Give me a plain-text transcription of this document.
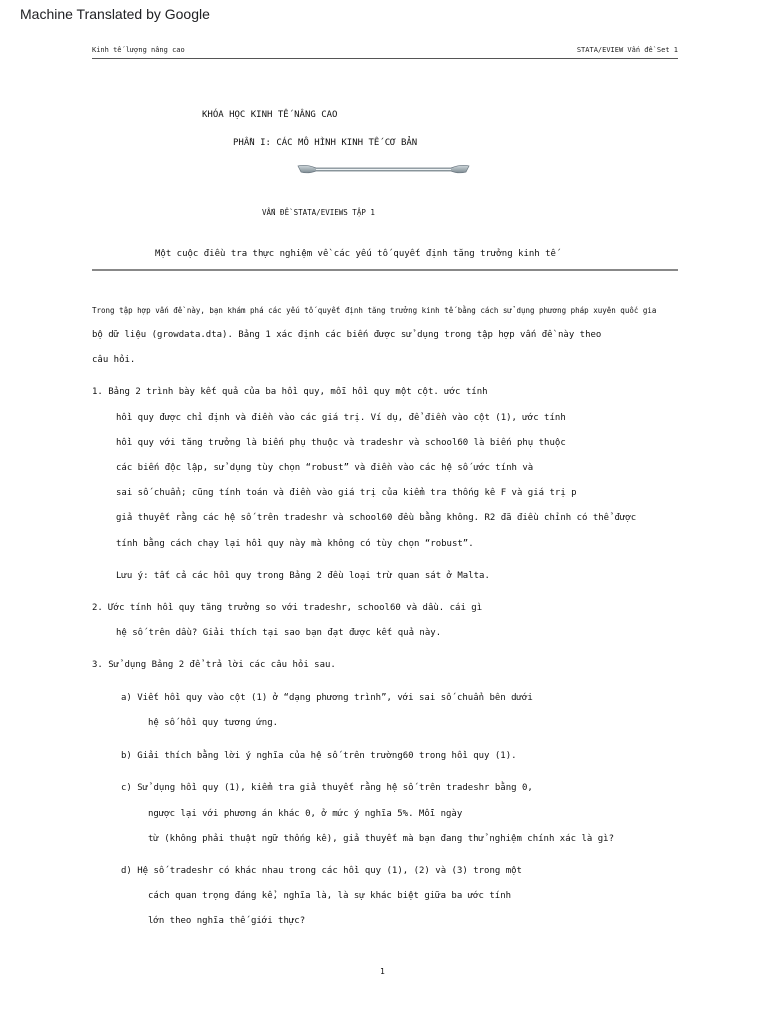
Machine Translated by Google
Kinh tế lượng nâng cao	STATA/EVIEW Vấn đề Set 1
KHÓA HỌC KINH TẾ NÂNG CAO
PHẦN I: CÁC MÔ HÌNH KINH TẾ CƠ BẢN
VẤN ĐỀ STATA/EVIEWS TẬP 1
Một cuộc điều tra thực nghiệm về các yếu tố quyết định tăng trưởng kinh tế
Trong tập hợp vấn đề này, bạn khám phá các yếu tố quyết định tăng trưởng kinh tế bằng cách sử dụng phương pháp xuyên quốc gia
bộ dữ liệu (growdata.dta). Bảng 1 xác định các biến được sử dụng trong tập hợp vấn đề này theo
câu hỏi.
1. Bảng 2 trình bày kết quả của ba hồi quy, mỗi hồi quy một cột. ước tính
hồi quy được chỉ định và điền vào các giá trị. Ví dụ, để điền vào cột (1), ước tính
hồi quy với tăng trưởng là biến phụ thuộc và tradeshr và school60 là biến phụ thuộc
các biến độc lập, sử dụng tùy chọn “robust” và điền vào các hệ số ước tính và
sai số chuẩn; cũng tính toán và điền vào giá trị của kiểm tra thống kê F và giá trị p
giả thuyết rằng các hệ số trên tradeshr và school60 đều bằng không. R2 đã điều chỉnh có thể được
tính bằng cách chạy lại hồi quy này mà không có tùy chọn “robust”.
Lưu ý: tất cả các hồi quy trong Bảng 2 đều loại trừ quan sát ở Malta.
2. Ước tính hồi quy tăng trưởng so với tradeshr, school60 và dầu. cái gì
hệ số trên dầu? Giải thích tại sao bạn đạt được kết quả này.
3. Sử dụng Bảng 2 để trả lời các câu hỏi sau.
a) Viết hồi quy vào cột (1) ở “dạng phương trình”, với sai số chuẩn bên dưới
hệ số hồi quy tương ứng.
b) Giải thích bằng lời ý nghĩa của hệ số trên trường60 trong hồi quy (1).
c) Sử dụng hồi quy (1), kiểm tra giả thuyết rằng hệ số trên tradeshr bằng 0,
ngược lại với phương án khác 0, ở mức ý nghĩa 5%. Mỗi ngày
từ (không phải thuật ngữ thống kê), giả thuyết mà bạn đang thử nghiệm chính xác là gì?
d) Hệ số tradeshr có khác nhau trong các hồi quy (1), (2) và (3) trong một
cách quan trọng đáng kể, nghĩa là, là sự khác biệt giữa ba ước tính
lớn theo nghĩa thế giới thực?
1
